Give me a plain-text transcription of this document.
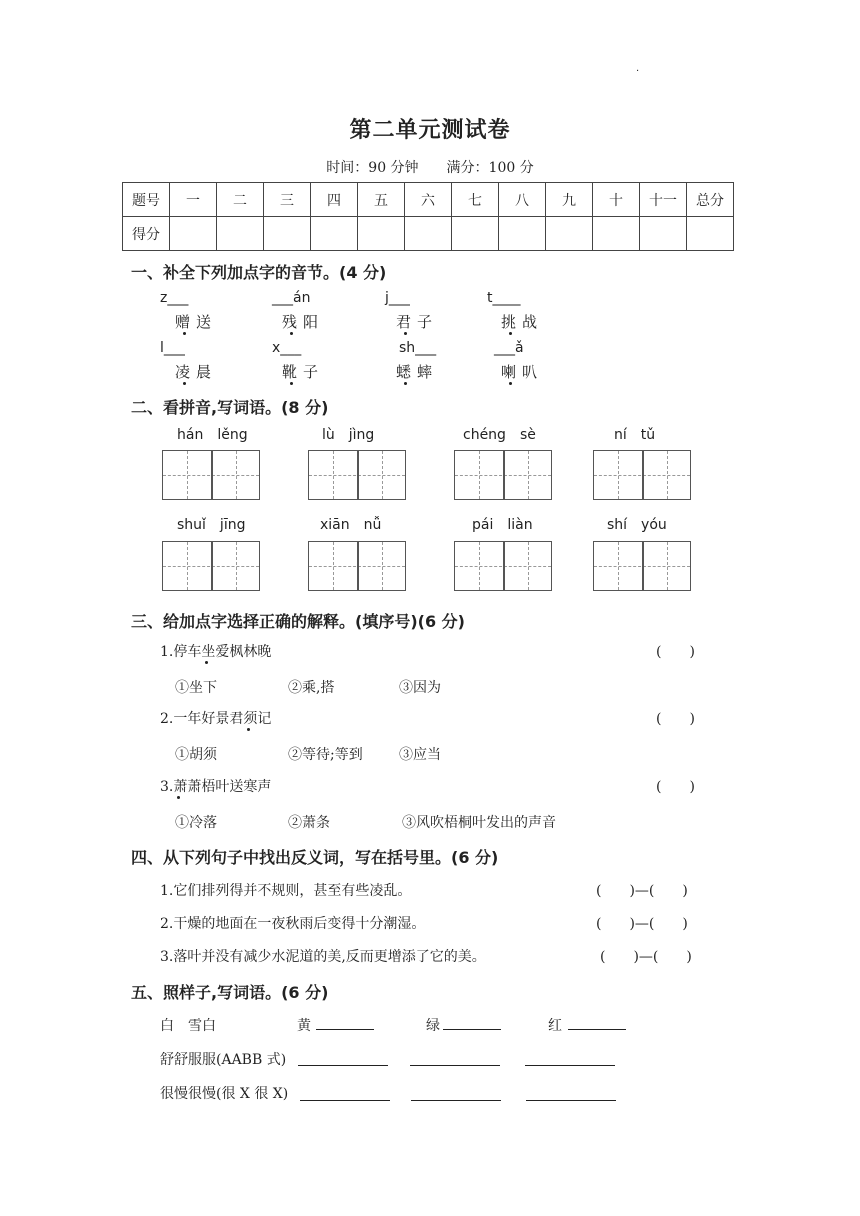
·
第二单元测试卷
时间：90 分钟　　满分：100 分
题号	一	二	三	四	五	六	七	八	九	十	十一	总分
得分												
一、补全下列加点字的音节。(4 分)
z___	___án	j___	t____
赠送	残阳	君子	挑战
l___	x___	sh___	___ǎ
凌晨	靴子	蟋蟀	喇叭
二、看拼音,写词语。(8 分)
hán　lěng	lù　jìng	chéng　sè	ní　tǔ
shuǐ　jīng	xiān　nǚ	pái　liàn	shí　yóu
三、给加点字选择正确的解释。(填序号)(6 分)
1.停车坐爱枫林晚	(　　)
①坐下	②乘,搭	③因为
2.一年好景君须记	(　　)
①胡须	②等待;等到	③应当
3.萧萧梧叶送寒声	(　　)
①冷落	②萧条	③风吹梧桐叶发出的声音
四、从下列句子中找出反义词，写在括号里。(6 分)
1.它们排列得并不规则，甚至有些凌乱。	(　　)—(　　)
2.干燥的地面在一夜秋雨后变得十分潮湿。	(　　)—(　　)
3.落叶并没有减少水泥道的美,反而更增添了它的美。	(　　)—(　　)
五、照样子,写词语。(6 分)
白　雪白	黄	绿	红
舒舒服服(AABB 式)
很慢很慢(很 X 很 X)
